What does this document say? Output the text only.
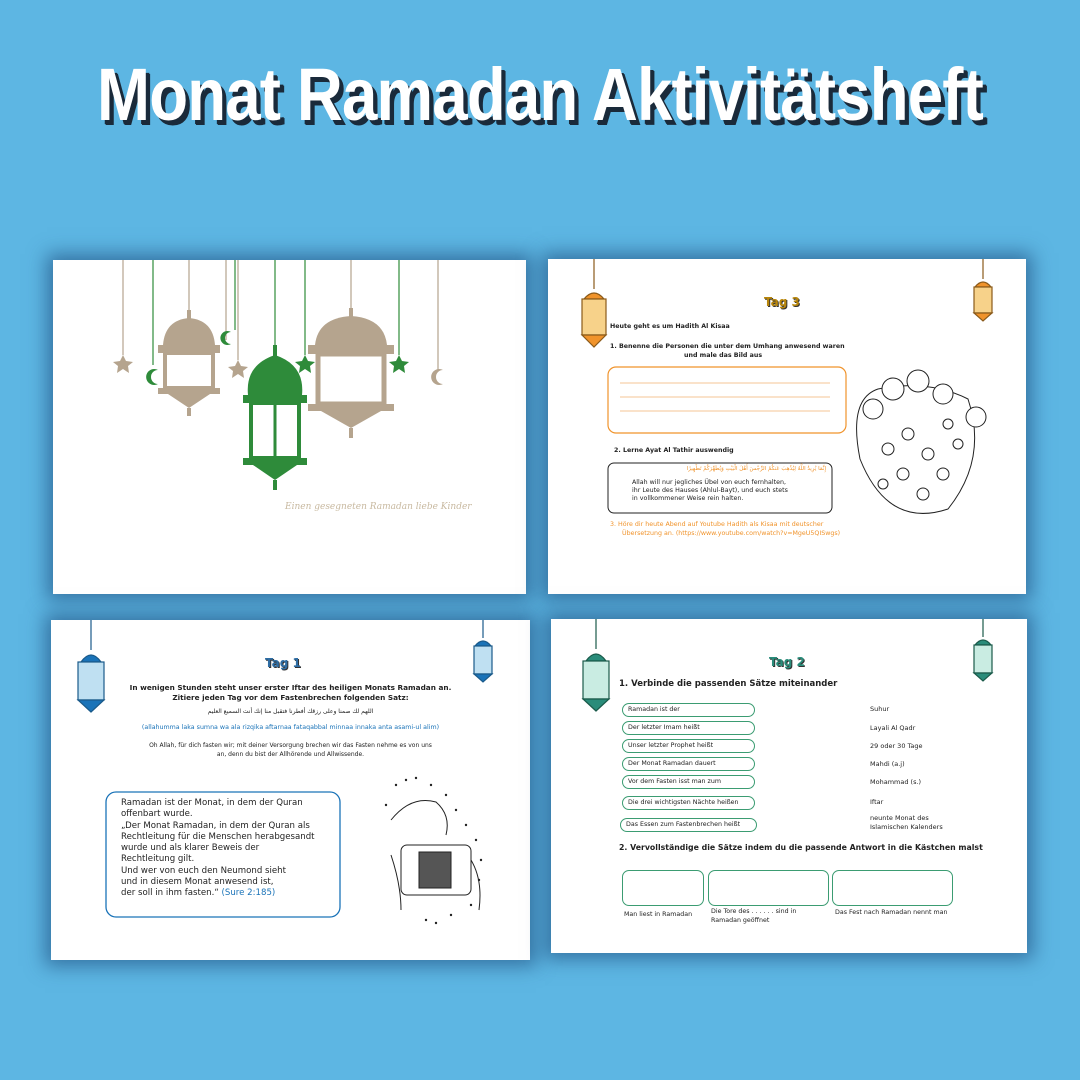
Monat Ramadan Aktivitätsheft
Einen gesegneten Ramadan liebe Kinder
Tag 3
Heute geht es um Hadith Al Kisaa
1. Benenne die Personen die unter dem Umhang anwesend waren
und male das Bild aus
2. Lerne Ayat Al Tathir auswendig
إِنَّمَا يُرِيدُ اللَّهُ لِيُذْهِبَ عَنكُمُ الرِّجْسَ أَهْلَ الْبَيْتِ وَيُطَهِّرَكُمْ تَطْهِيرًا
Allah will nur jegliches Übel von euch fernhalten,
ihr Leute des Hauses (Ahlul-Bayt), und euch stets
in vollkommener Weise rein halten.
3. Höre dir heute Abend auf Youtube Hadith als Kisaa mit deutscher
Übersetzung an. (https://www.youtube.com/watch?v=MgeU5QISwgs)
Tag 1
In wenigen Stunden steht unser erster Iftar des heiligen Monats Ramadan an.
Zitiere jeden Tag vor dem Fastenbrechen folgenden Satz:
اللهم لك صمنا وعلى رزقك أفطرنا فتقبل منا إنك أنت السميع العليم
(allahumma laka sumna wa ala rizqika aftarnaa fataqabbal minnaa innaka anta asami-ul alim)
Oh Allah, für dich fasten wir; mit deiner Versorgung brechen wir das Fasten nehme es von uns
an, denn du bist der Allhörende und Allwissende.
Ramadan ist der Monat, in dem der Quran
offenbart wurde.
„Der Monat Ramadan, in dem der Quran als
Rechtleitung für die Menschen herabgesandt
wurde und als klarer Beweis der
Rechtleitung gilt.
Und wer von euch den Neumond sieht
und in diesem Monat anwesend ist,
der soll in ihm fasten.“ (Sure 2:185)
Tag 2
1. Verbinde die passenden Sätze miteinander
Ramadan ist der
Der letzter Imam heißt
Unser letzter Prophet heißt
Der Monat Ramadan dauert
Vor dem Fasten isst man zum
Die drei wichtigsten Nächte heißen
Das Essen zum Fastenbrechen heißt
Suhur
Layali Al Qadr
29 oder 30 Tage
Mahdi (a.j)
Mohammad (s.)
Iftar
neunte Monat des
Islamischen Kalenders
2. Vervollständige die Sätze indem du die passende Antwort in die Kästchen malst
Man liest in Ramadan	Die Tore des . . . . . . sind in
Ramadan geöffnet
Das Fest nach Ramadan nennt man
